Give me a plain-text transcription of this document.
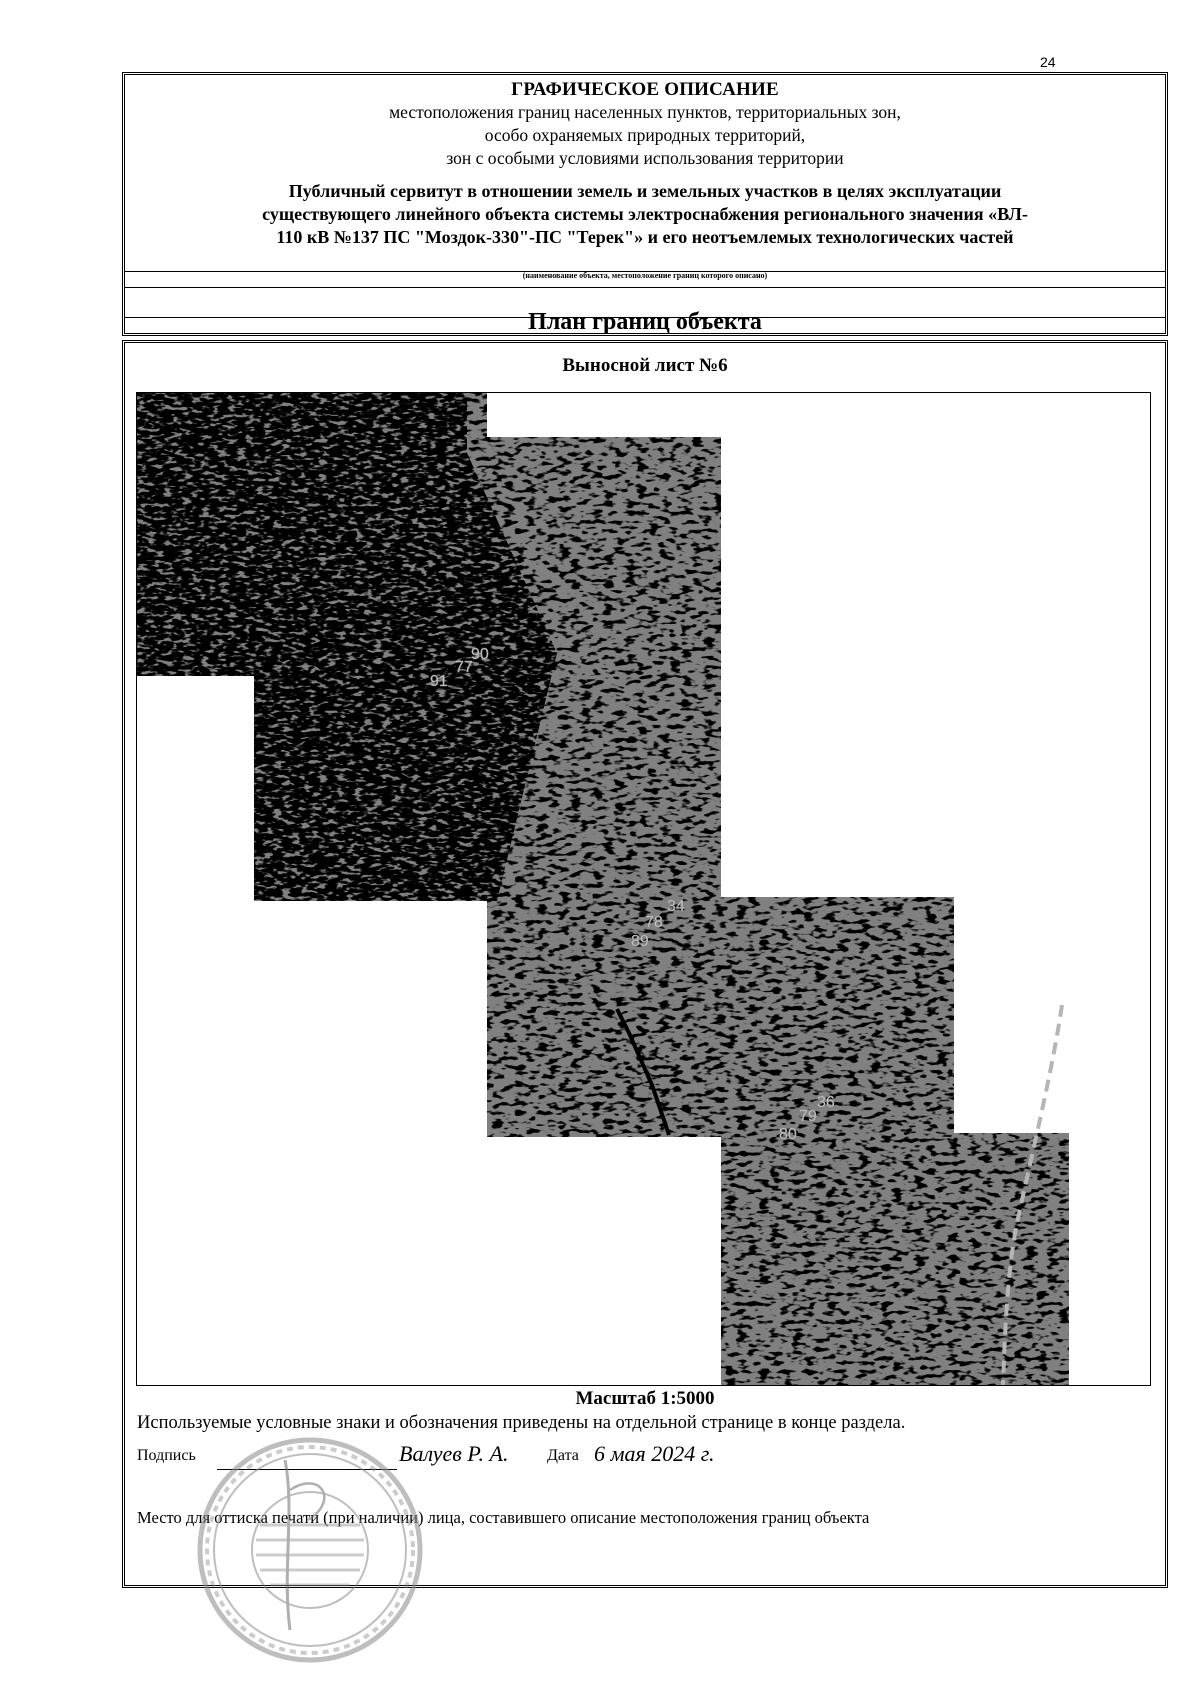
24
ГРАФИЧЕСКОЕ ОПИСАНИЕ
местоположения границ населенных пунктов, территориальных зон,
особо охраняемых природных территорий,
зон с особыми условиями использования территории
Публичный сервитут в отношении земель и земельных участков в целях эксплуатации
существующего линейного объекта системы электроснабжения регионального значения «ВЛ-
110 кВ №137 ПС "Моздок-330"-ПС "Терек"» и его неотъемлемых технологических частей
(наименование объекта, местоположение границ которого описано)
План границ объекта
Выносной лист №6
91
77
90
78
34
89
79
36
80
Масштаб 1:5000
Используемые условные знаки и обозначения приведены на отдельной странице в конце раздела.
Подпись	Валуев Р. А. Дата 6 мая 2024 г.
Место для оттиска печати (при наличии) лица, составившего описание местоположения границ объекта
